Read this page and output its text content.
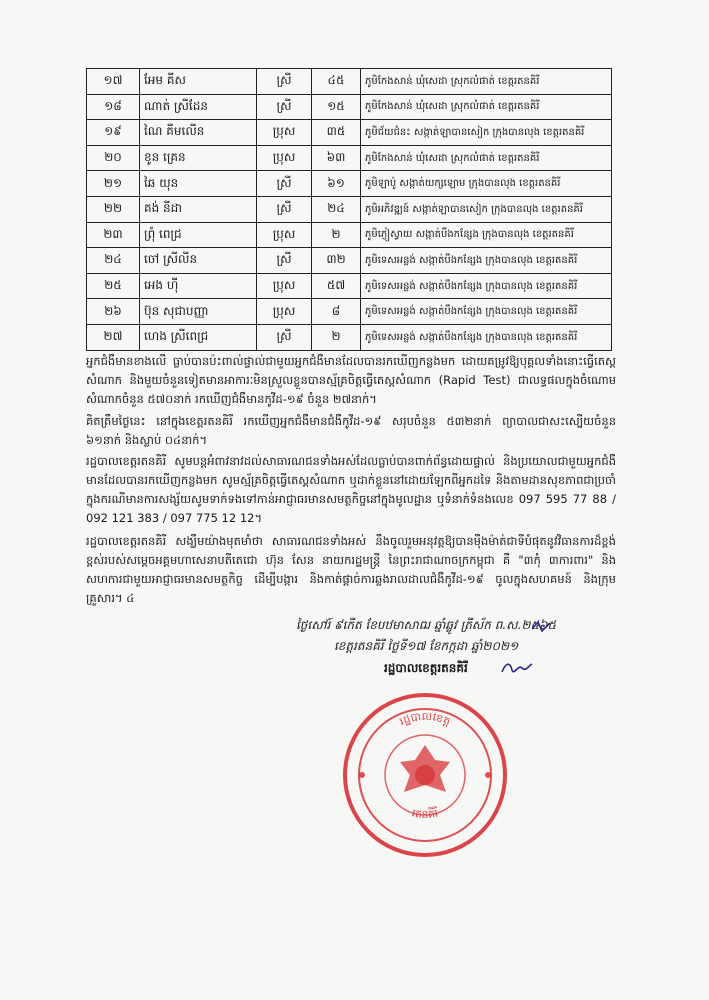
១៧	អែម គីស	ស្រី	៤៥	ភូមិកែងសាន់ ឃុំសេដា ស្រុកលំផាត់ ខេត្តរតនគិរី
១៨	ណាត់ ស្រីដែន	ស្រី	១៥	ភូមិកែងសាន់ ឃុំសេដា ស្រុកលំផាត់ ខេត្តរតនគិរី
១៩	ណៃ គីមលើន	ប្រុស	៣៥	ភូមិជ័យជំនះ សង្កាត់ឡាបានសៀក ក្រុងបានលុង ខេត្តរតនគិរី
២០	ខូន គ្រេន	ប្រុស	៦៣	ភូមិកែងសាន់ ឃុំសេដា ស្រុកលំផាត់ ខេត្តរតនគិរី
២១	ឆៃ យុន	ស្រី	៦១	ភូមិឡាប៉ូ សង្កាត់យក្សឡោម ក្រុងបានលុង ខេត្តរតនគិរី
២២	គង់ នីដា	ស្រី	២៤	ភូមិអភិវឌ្ឍន៍ សង្កាត់ឡាបានសៀក ក្រុងបានលុង ខេត្តរតនគិរី
២៣	ព្រុំ ពេជ្រ	ប្រុស	២	ភូមិភ្ញៀស្វាយ សង្កាត់បឹងកន្សែង ក្រុងបានលុង ខេត្តរតនគិរី
២៤	ចៅ ស្រីលីន	ស្រី	៣២	ភូមិទេសអន្លង់ សង្កាត់បឹងកន្សែង ក្រុងបានលុង ខេត្តរតនគិរី
២៥	អេង ហ៊ី	ប្រុស	៥៧	ភូមិទេសអន្លង់ សង្កាត់បឹងកន្សែង ក្រុងបានលុង ខេត្តរតនគិរី
២៦	ប៊ុន សុជាបញ្ញា	ប្រុស	៨	ភូមិទេសអន្លង់ សង្កាត់បឹងកន្សែង ក្រុងបានលុង ខេត្តរតនគិរី
២៧	ហេង ស្រីពេជ្រ	ស្រី	២	ភូមិទេសអន្លង់ សង្កាត់បឹងកន្សែង ក្រុងបានលុង ខេត្តរតនគិរី

អ្នកជំងឺមានខាងលើ ធ្លាប់បានប៉ះពាល់ផ្ទាល់ជាមួយអ្នកជំងឺមានដែលបានរកឃើញកន្លងមក ដោយគម្រូវឱ្យបុគ្គលទាំងនោះធ្វើតេស្តសំណាក និងមួយចំនួនទៀតមានអាការៈមិនស្រួលខ្លួនបានស្ម័គ្រចិត្តធ្វើតេស្តសំណាក (Rapid Test) ជាលទ្ធផលក្នុងចំណោមសំណាកចំនួន ៥៧០នាក់ រកឃើញជំងឺមានកូវីដ-១៩ ចំនួន ២៧នាក់។

គិតត្រឹមថ្ងៃនេះ នៅក្នុងខេត្តរតនគិរី រកឃើញអ្នកជំងឺមានជំងឺកូវីដ-១៩ សរុបចំនួន ៥៣២នាក់ ព្យាបាលជាសះស្បើយចំនួន ៦១នាក់ និងស្លាប់ ០៤នាក់។

រដ្ឋបាលខេត្តរតនគិរី សូមបន្តអំពាវនាវដល់សាធារណជនទាំងអស់ដែលធ្លាប់បានពាក់ព័ន្ធដោយផ្ទាល់ និងប្រយោលជាមួយអ្នកជំងឺមានដែលបានរកឃើញកន្លងមក សូមស្ម័គ្រចិត្តធ្វើតេស្តសំណាក ឬដាក់ខ្លួននៅដោយឡែកពីអ្នកដទៃ និងតាមដានសុខភាពជាប្រចាំ ក្នុងករណីមានការសង្ស័យសូមទាក់ទងទៅកាន់អាជ្ញាធរមានសមត្ថកិច្ចនៅក្នុងមូលដ្ឋាន ឬទំនាក់ទំនងលេខ 097 595 77 88 / 092 121 383 / 097 775 12 12។

រដ្ឋបាលខេត្តរតនគិរី សង្ឃឹមយ៉ាងមុតមាំថា សាធារណជនទាំងអស់ នឹងចូលរួមអនុវត្តឱ្យបានម៉ឺងម៉ាត់ជាទីបំផុតនូវវិធានការដ៏ខ្ពង់ខ្ពស់របស់សម្តេចអគ្គមហាសេនាបតីតេជោ ហ៊ុន សែន នាយករដ្ឋមន្ត្រី នៃព្រះរាជាណាចក្រកម្ពុជា គឺ "៣កុំ ៣ការពារ" និងសហការជាមួយអាជ្ញាធរមានសមត្ថកិច្ច ដើម្បីបង្ការ និងកាត់ផ្តាច់ការឆ្លងរាលដាលជំងឺកូវីដ-១៩ ចូលក្នុងសហគមន៍ និងក្រុមគ្រួសារ។ ៤

ថ្ងៃសៅរ៍ ៩កើត ខែបឋមាសាឍ ឆ្នាំឆ្លូវ ត្រីស័ក ព.ស.២៥៦៥
ខេត្តរតនគិរី ថ្ងៃទី១៧ ខែកក្កដា ឆ្នាំ២០២១
រដ្ឋបាលខេត្តរតនគិរី
រដ្ឋបាលខេត្ត
រតនគិរី
